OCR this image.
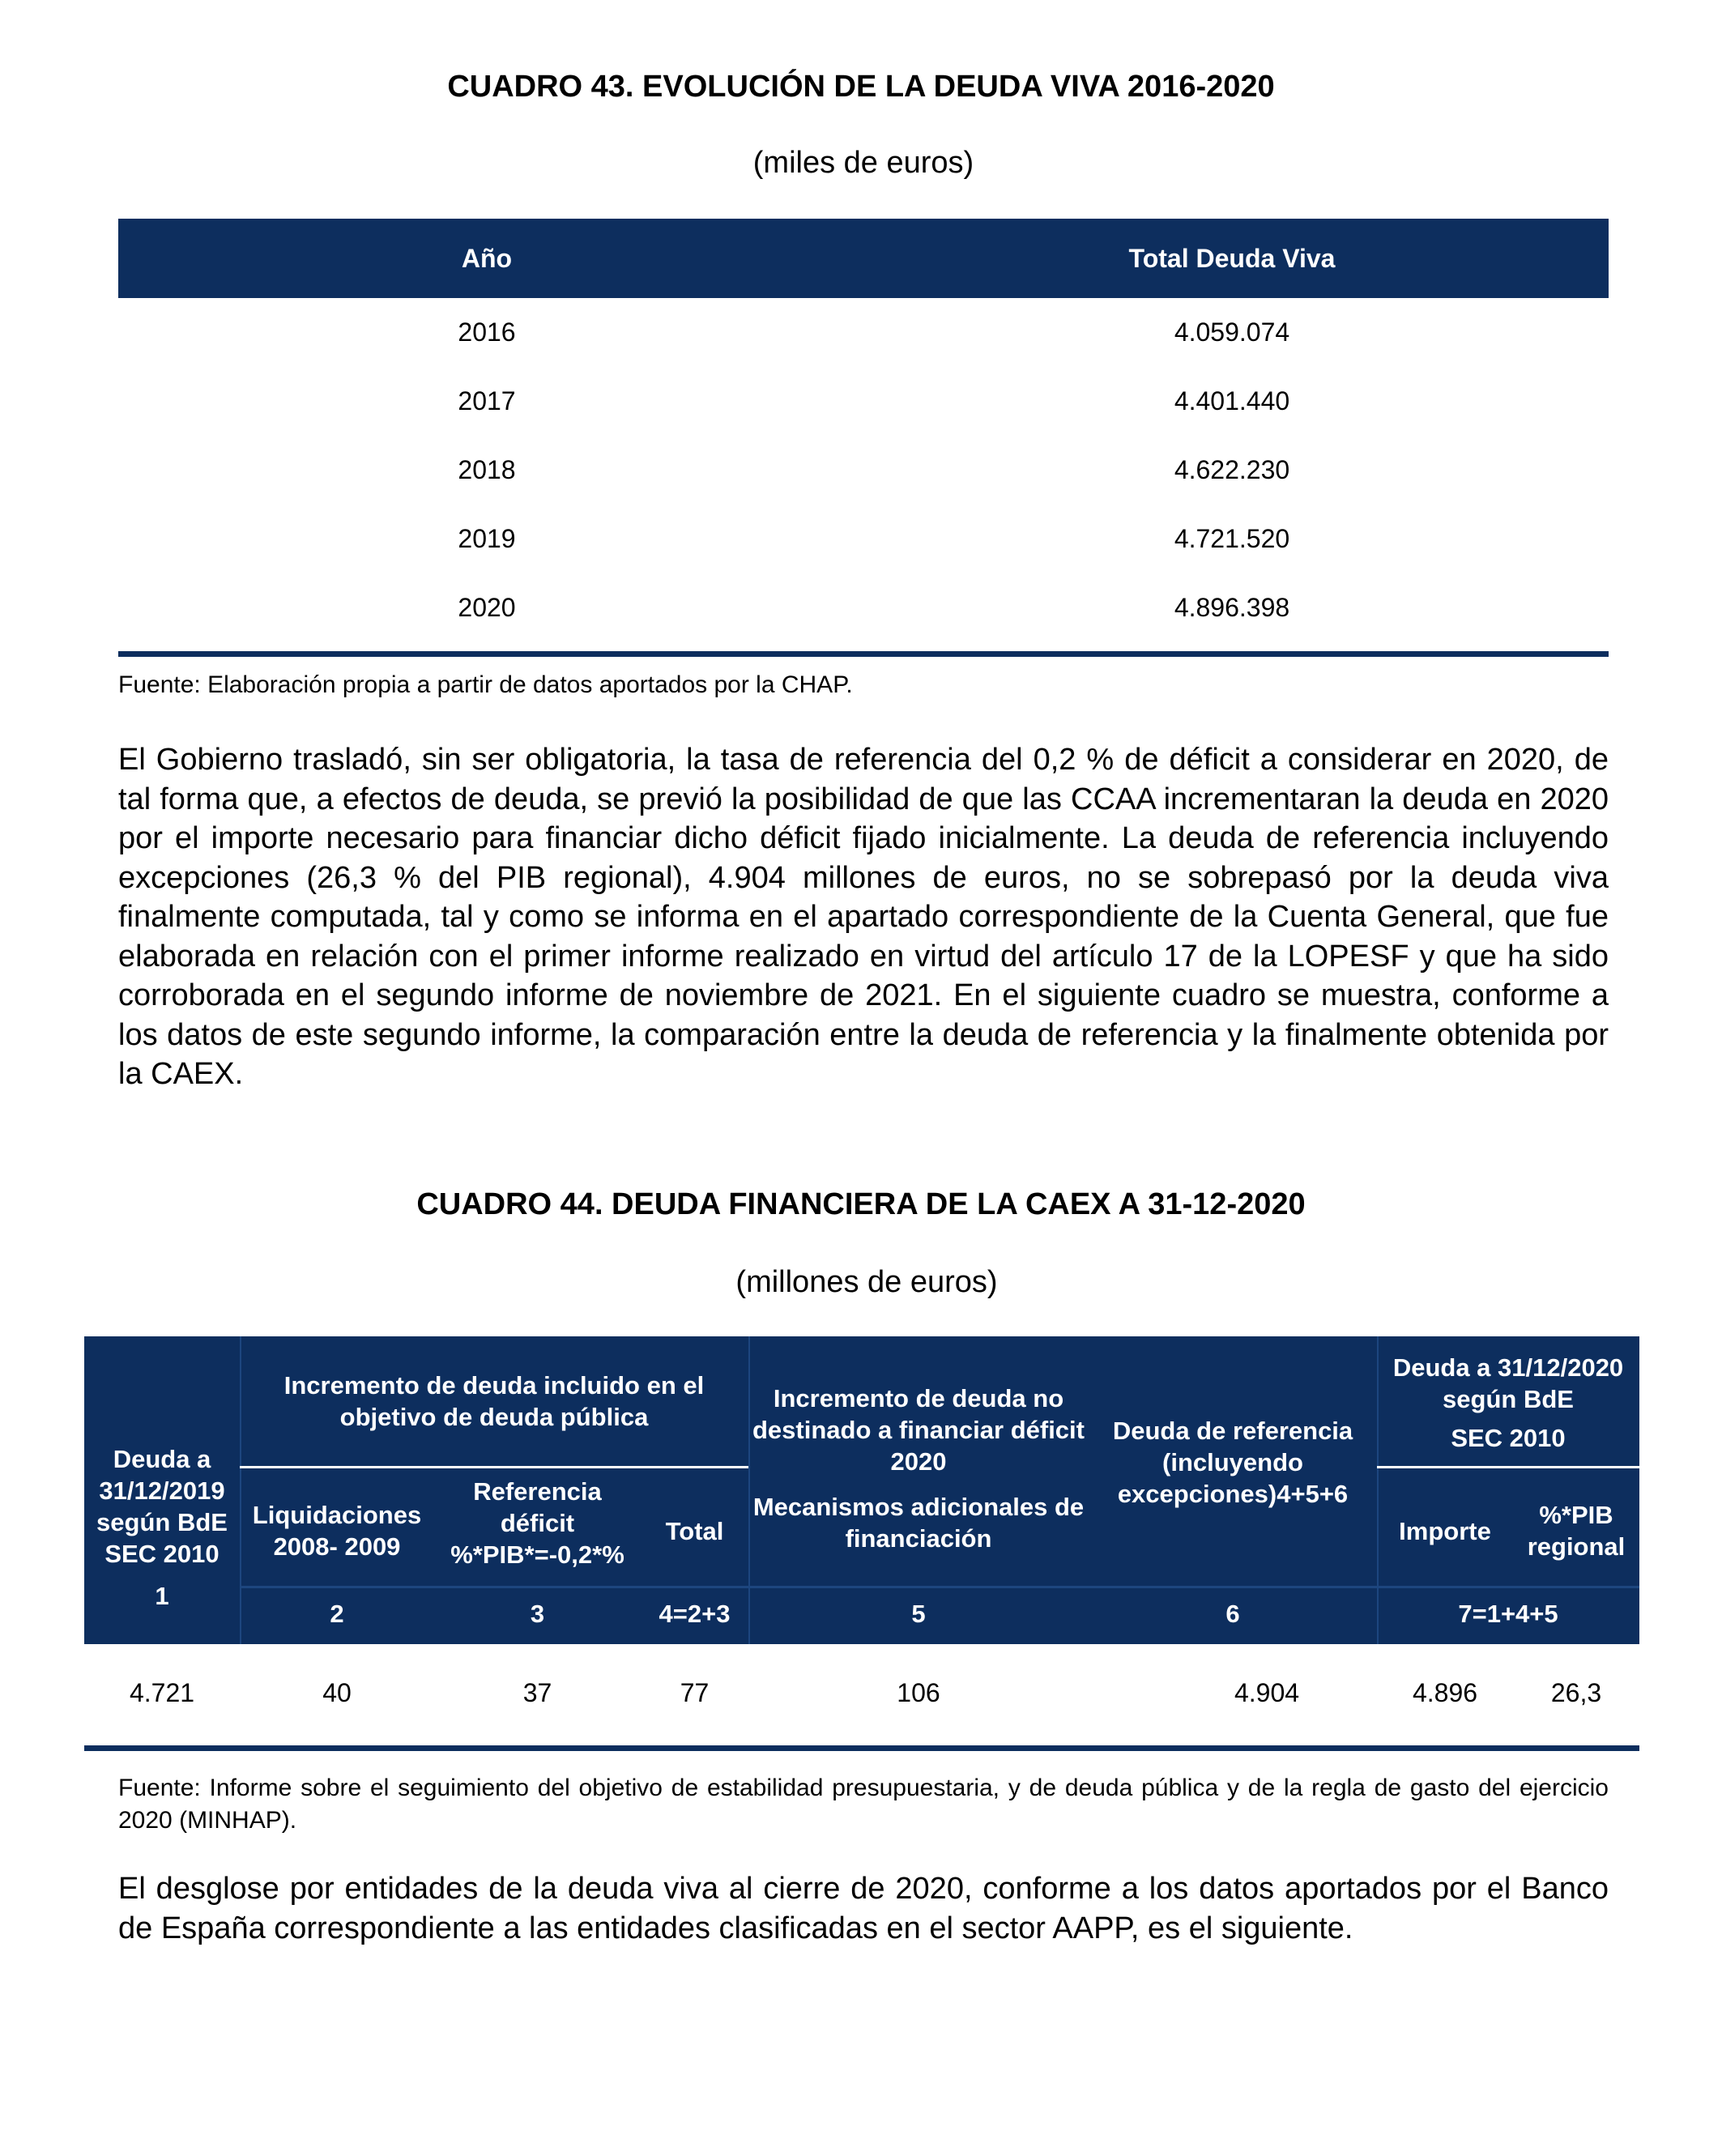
CUADRO 43. EVOLUCIÓN DE LA DEUDA VIVA 2016-2020
(miles de euros)
Año	Total Deuda Viva
2016	4.059.074
2017	4.401.440
2018	4.622.230
2019	4.721.520
2020	4.896.398
Fuente: Elaboración propia a partir de datos aportados por la CHAP.
El Gobierno trasladó, sin ser obligatoria, la tasa de referencia del 0,2 % de déficit a considerar en 2020, de tal forma que, a efectos de deuda, se previó la posibilidad de que las CCAA incrementaran la deuda en 2020 por el importe necesario para financiar dicho déficit fijado inicialmente. La deuda de referencia incluyendo excepciones (26,3 % del PIB regional), 4.904 millones de euros, no se sobrepasó por la deuda viva finalmente computada, tal y como se informa en el apartado correspondiente de la Cuenta General, que fue elaborada en relación con el primer informe realizado en virtud del artículo 17 de la LOPESF y que ha sido corroborada en el segundo informe de noviembre de 2021. En el siguiente cuadro se muestra, conforme a los datos de este segundo informe, la comparación entre la deuda de referencia y la finalmente obtenida por la CAEX.
CUADRO 44. DEUDA FINANCIERA DE LA CAEX A 31-12-2020
(millones de euros)
Deuda a 31/12/2019 según BdE SEC 2010
1
Incremento de deuda incluido en el objetivo de deuda pública
Liquidaciones 2008- 2009
Referencia déficit %*PIB*=-0,2*%
Total
Incremento de deuda no destinado a financiar déficit 2020
Mecanismos adicionales de financiación
Deuda de referencia (incluyendo excepciones)4+5+6
Deuda a 31/12/2020 según BdE
SEC 2010
Importe
%*PIB regional
2	3	4=2+3	5	6	7=1+4+5
4.721	40	37	77	106	4.904	4.896	26,3
Fuente: Informe sobre el seguimiento del objetivo de estabilidad presupuestaria, y de deuda pública y de la regla de gasto del ejercicio 2020 (MINHAP).
El desglose por entidades de la deuda viva al cierre de 2020, conforme a los datos aportados por el Banco de España correspondiente a las entidades clasificadas en el sector AAPP, es el siguiente.
